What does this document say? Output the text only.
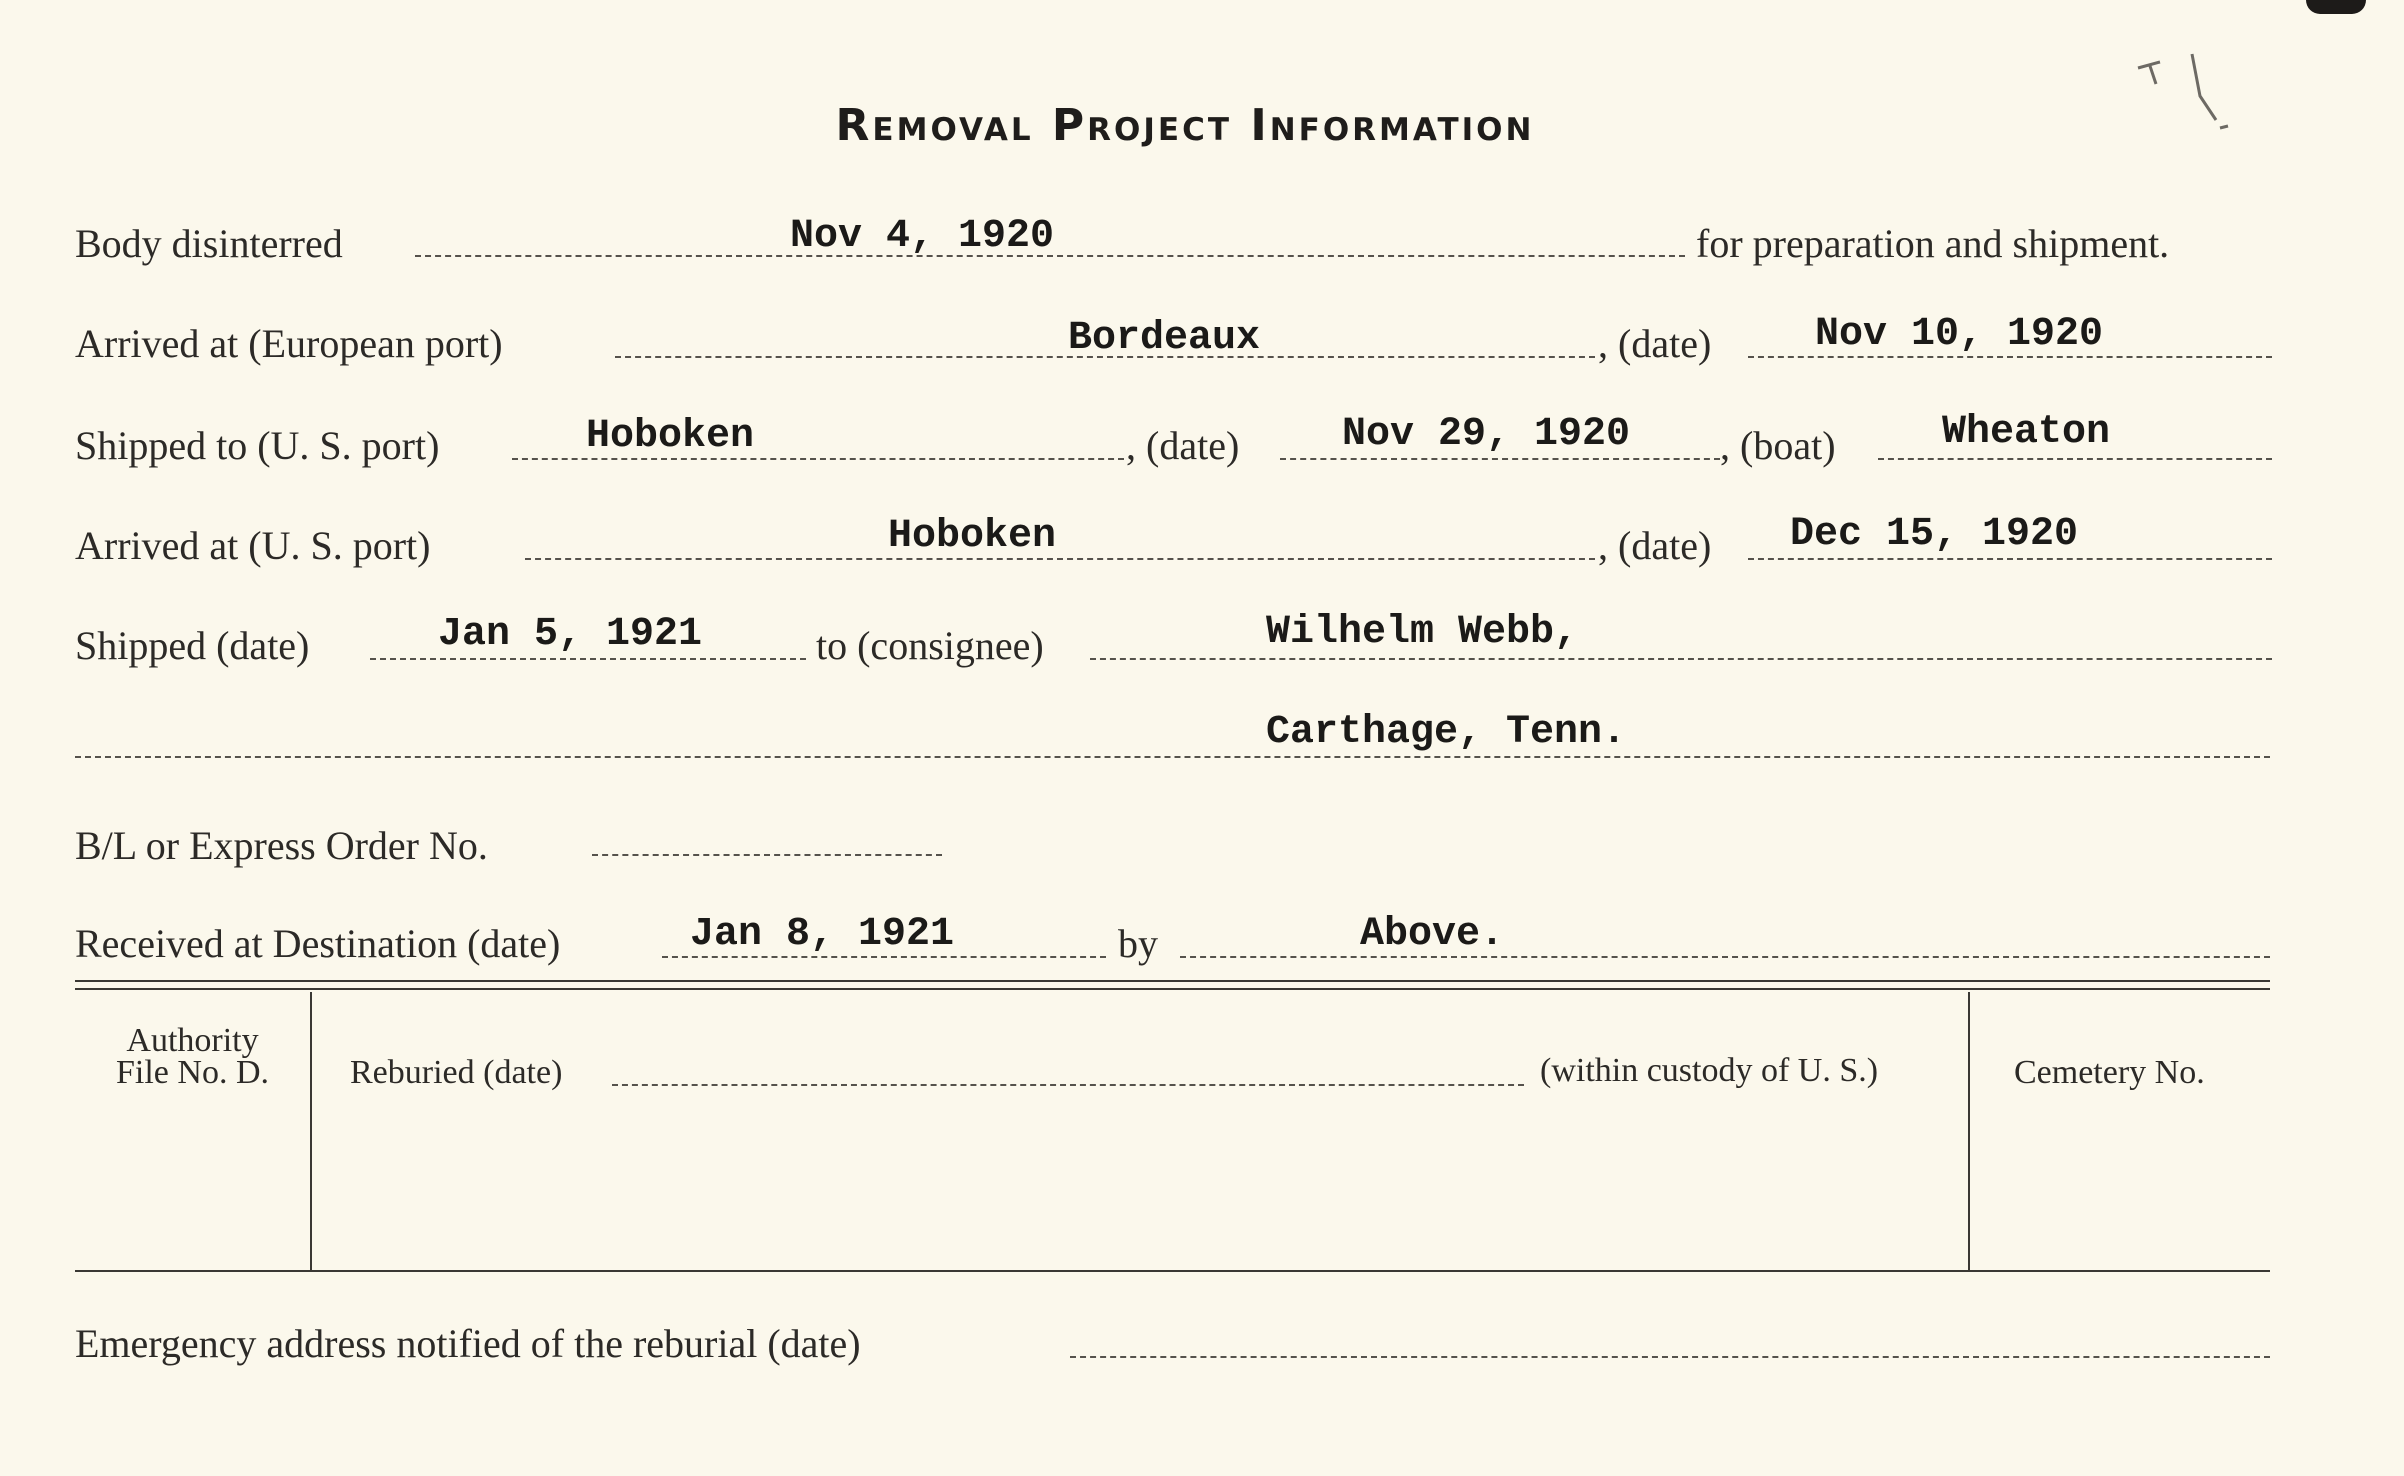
Removal Project Information
Body disinterred	Nov 4, 1920	for preparation and shipment.
Arrived at (European port)	Bordeaux	, (date)	Nov 10, 1920
Shipped to (U. S. port)	Hoboken	, (date)	Nov 29, 1920 , (boat)	Wheaton
Arrived at (U. S. port)	Hoboken	, (date) Dec 15, 1920
Shipped (date)	Jan 5, 1921	to (consignee)	Wilhelm Webb,
Carthage, Tenn.
B/L or Express Order No.
Received at Destination (date)	Jan 8, 1921	by	Above.
Authority
File No. D.	Reburied (date)	(within custody of U. S.)	Cemetery No.
Emergency address notified of the reburial (date)
